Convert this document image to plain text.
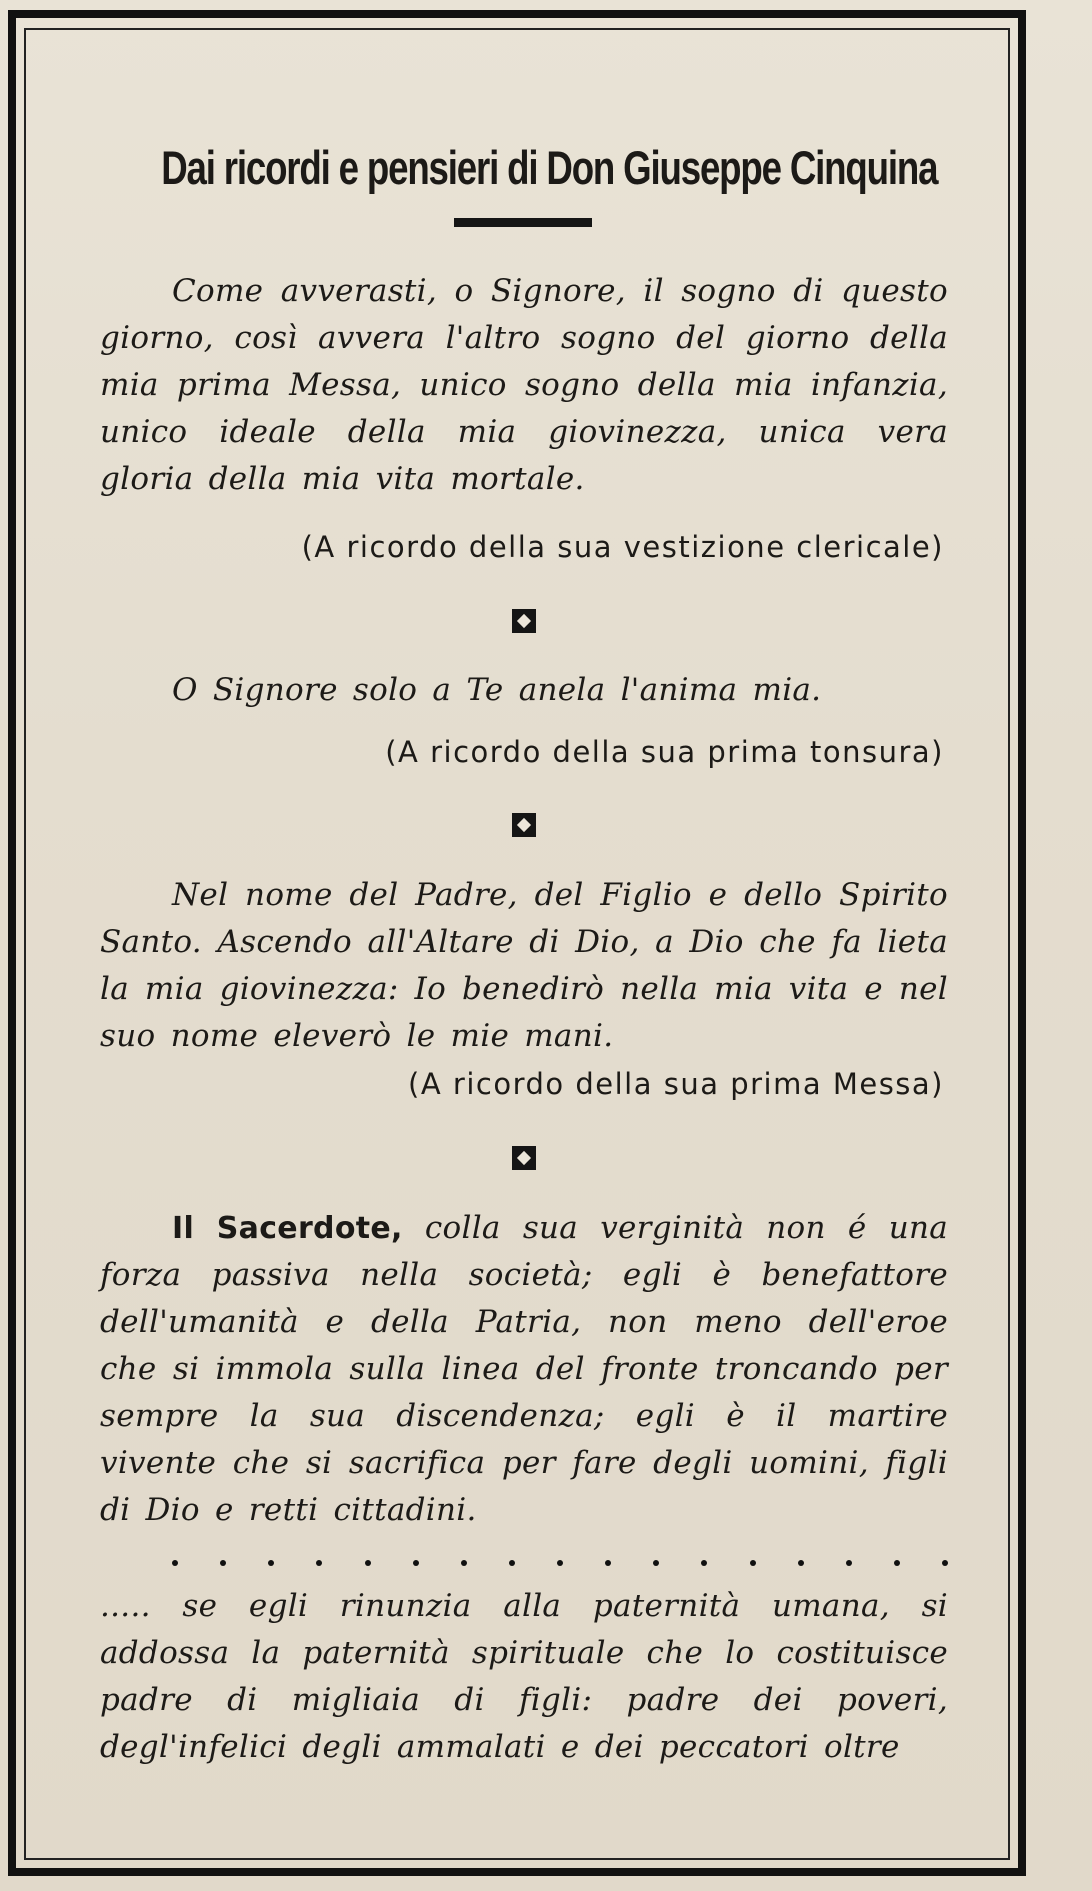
Dai ricordi e pensieri di Don Giuseppe Cinquina
Come avverasti, o Signore, il sogno di questo giorno, così avvera l'altro sogno del giorno della mia prima Messa, unico sogno della mia infanzia, unico ideale della mia giovinezza, unica vera gloria della mia vita mortale.
(A ricordo della sua vestizione clericale)
O Signore solo a Te anela l'anima mia.
(A ricordo della sua prima tonsura)
Nel nome del Padre, del Figlio e dello Spirito Santo. Ascendo all'Altare di Dio, a Dio che fa lieta la mia giovinezza: Io benedirò nella mia vita e nel suo nome eleverò le mie mani.
(A ricordo della sua prima Messa)
Il Sacerdote, colla sua verginità non é una forza passiva nella società; egli è benefattore dell'umanità e della Patria, non meno dell'eroe che si immola sulla linea del fronte troncando per sempre la sua discendenza; egli è il martire vivente che si sacrifica per fare degli uomini, figli di Dio e retti cittadini.
..... se egli rinunzia alla paternità umana, si addossa la paternità spirituale che lo costituisce padre di migliaia di figli: padre dei poveri, degl'infelici degli ammalati e dei peccatori oltre
